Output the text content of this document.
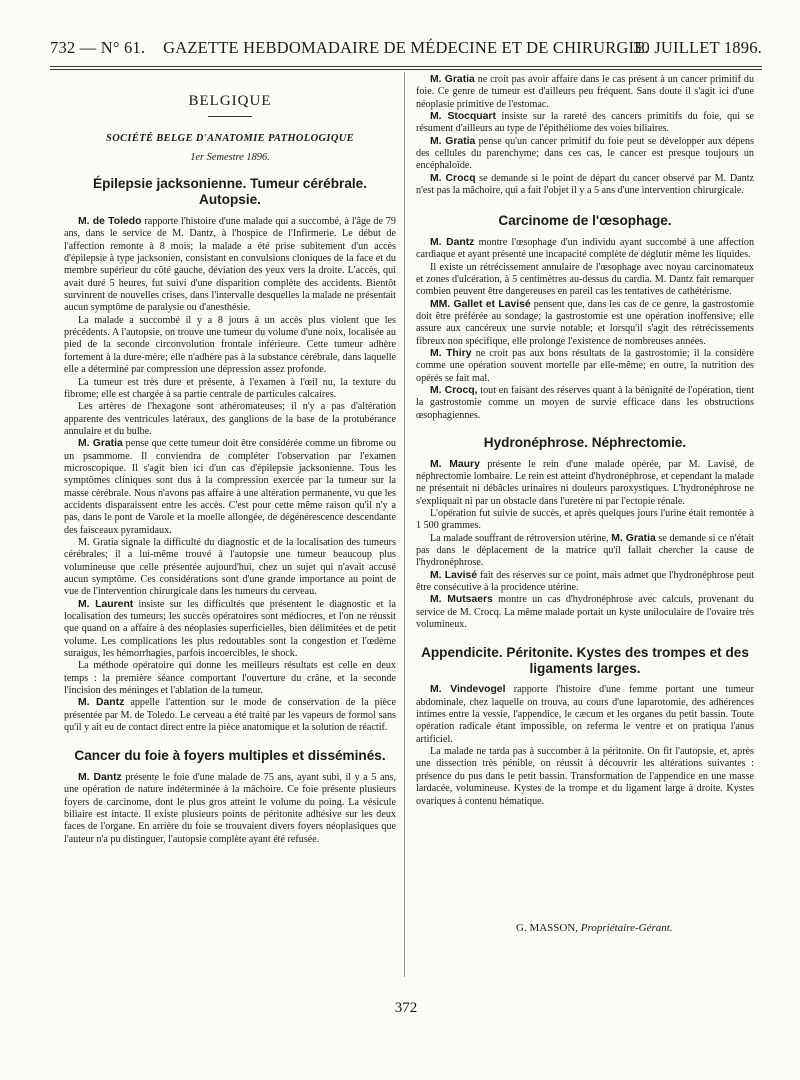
732 — N° 61.	GAZETTE HEBDOMADAIRE DE MÉDECINE ET DE CHIRURGIE.
30 JUILLET 1896.
BELGIQUE
SOCIÉTÉ BELGE D'ANATOMIE PATHOLOGIQUE
1er Semestre 1896.
Épilepsie jacksonienne. Tumeur cérébrale. Autopsie.

M. de Toledo rapporte l'histoire d'une malade qui a succombé, à l'âge de 79 ans, dans le service de M. Dantz, à l'hospice de l'Infirmerie. Le début de l'affection remonte à 8 mois; la malade a été prise subitement d'un accès d'épilepsie à type jacksonien, consistant en convulsions cloniques de la face et du membre supérieur du côté gauche, déviation des yeux vers la droite. L'accès, qui avait duré 5 heures, fut suivi d'une disparition complète des accidents. Bientôt survinrent de nouvelles crises, dans l'intervalle desquelles la malade ne présentait aucun symptôme de paralysie ou d'anesthésie.

La malade a succombé il y a 8 jours à un accès plus violent que les précédents. A l'autopsie, on trouve une tumeur du volume d'une noix, localisée au pied de la seconde circonvolution frontale inférieure. Cette tumeur adhère fortement à la dure-mère; elle n'adhère pas à la substance cérébrale, dans laquelle elle a déterminé par compression une dépression assez profonde.

La tumeur est très dure et présente, à l'examen à l'œil nu, la texture du fibrome; elle est chargée à sa partie centrale de particules calcaires.

Les artères de l'hexagone sont athéromateuses; il n'y a pas d'altération apparente des ventricules latéraux, des ganglions de la base de la protubérance annulaire et du bulbe.

M. Gratia pense que cette tumeur doit être considérée comme un fibrome ou un psammome. Il conviendra de compléter l'observation par l'examen microscopique. Il s'agit bien ici d'un cas d'épilepsie jacksonienne. Tous les symptômes cliniques sont dus à la compression exercée par la tumeur sur la masse cérébrale. Nous n'avons pas affaire à une altération permanente, vu que les accidents disparaissent entre les accès. C'est pour cette même raison qu'il n'y a pas, dans le pont de Varole et la moelle allongée, de dégénérescence descendante des faisceaux pyramidaux.

M. Gratia signale la difficulté du diagnostic et de la localisation des tumeurs cérébrales; il a lui-même trouvé à l'autopsie une tumeur beaucoup plus volumineuse que celle présentée aujourd'hui, chez un sujet qui n'avait accusé aucun symptôme. Ces considérations sont d'une grande importance au point de vue de l'intervention chirurgicale dans les tumeurs du cerveau.

M. Laurent insiste sur les difficultés que présentent le diagnostic et la localisation des tumeurs; les succès opératoires sont médiocres, et l'on ne réussit que quand on a affaire à des néoplasies superficielles, bien délimitées et de petit volume. Les complications les plus redoutables sont la congestion et l'œdème suraigus, les hémorrhagies, parfois incoercibles, le shock.

La méthode opératoire qui donne les meilleurs résultats est celle en deux temps : la première séance comportant l'ouverture du crâne, et la seconde l'incision des méninges et l'ablation de la tumeur.

M. Dantz appelle l'attention sur le mode de conservation de la pièce présentée par M. de Toledo. Le cerveau a été traité par les vapeurs de formol sans qu'il y ait eu de contact direct entre la pièce anatomique et la solution de réactif.

Cancer du foie à foyers multiples et disséminés.

M. Dantz présente le foie d'une malade de 75 ans, ayant subi, il y a 5 ans, une opération de nature indéterminée à la mâchoire. Ce foie présente plusieurs foyers de carcinome, dont le plus gros atteint le volume du poing. La vésicule biliaire est intacte. Il existe plusieurs points de péritonite adhésive sur les deux faces de l'organe. En arrière du foie se trouvaient divers foyers néoplasiques que l'auteur n'a pu distinguer, l'autopsie complète ayant été refusée.

M. Gratia ne croit pas avoir affaire dans le cas présent à un cancer primitif du foie. Ce genre de tumeur est d'ailleurs peu fréquent. Sans doute il s'agit ici d'une néoplasie primitive de l'estomac.

M. Stocquart insiste sur la rareté des cancers primitifs du foie, qui se résument d'ailleurs au type de l'épithéliome des voies biliaires.

M. Gratia pense qu'un cancer primitif du foie peut se développer aux dépens des cellules du parenchyme; dans ces cas, le cancer est presque toujours un encéphaloïde.

M. Crocq se demande si le point de départ du cancer observé par M. Dantz n'est pas la mâchoire, qui a fait l'objet il y a 5 ans d'une intervention chirurgicale.

Carcinome de l'œsophage.

M. Dantz montre l'œsophage d'un individu ayant succombé à une affection cardiaque et ayant présenté une incapacité complète de déglutir même les liquides.

Il existe un rétrécissement annulaire de l'œsophage avec noyau carcinomateux et zones d'ulcération, à 5 centimètres au-dessus du cardia. M. Dantz fait remarquer combien peuvent être dangereuses en pareil cas les tentatives de cathétérisme.

MM. Gallet et Lavisé pensent que, dans les cas de ce genre, la gastrostomie doit être préférée au sondage; la gastrostomie est une opération inoffensive; elle assure aux cancéreux une survie notable; et lorsqu'il s'agit des rétrécissements fibreux non spécifique, elle prolonge l'existence de nombreuses années.

M. Thiry ne croit pas aux bons résultats de la gastrostomie; il la considère comme une opération souvent mortelle par elle-même; en outre, la nutrition des opérés se fait mal.

M. Crocq, tout en faisant des réserves quant à la bénignité de l'opération, tient la gastrostomie comme un moyen de survie efficace dans les obstructions œsophagiennes.

Hydronéphrose. Néphrectomie.

M. Maury présente le rein d'une malade opérée, par M. Lavisé, de néphrectomie lombaire. Le rein est atteint d'hydronéphrose, et cependant la malade ne présentait ni débâcles urinaires ni douleurs paroxystiques. L'hydronéphrose ne s'expliquait ni par un obstacle dans l'uretère ni par l'ectopie rénale.

L'opération fut suivie de succès, et après quelques jours l'urine était remontée à 1 500 grammes.

La malade souffrant de rétroversion utérine, M. Gratia se demande si ce n'était pas dans le déplacement de la matrice qu'il fallait chercher la cause de l'hydronéphrose.

M. Lavisé fait des réserves sur ce point, mais admet que l'hydronéphrose peut être consécutive à la procidence utérine.

M. Mutsaers montre un cas d'hydronéphrose avec calculs, provenant du service de M. Crocq. La même malade portait un kyste uniloculaire de l'ovaire très volumineux.

Appendicite. Péritonite. Kystes des trompes et des ligaments larges.

M. Vindevogel rapporte l'histoire d'une femme portant une tumeur abdominale, chez laquelle on trouva, au cours d'une laparotomie, des adhérences intimes entre la vessie, l'appendice, le cæcum et les organes du petit bassin. Toute opération radicale étant impossible, on referma le ventre et on pratiqua l'anus artificiel.

La malade ne tarda pas à succomber à la péritonite. On fit l'autopsie, et, après une dissection très pénible, on réussit à découvrir les altérations suivantes : présence du pus dans le petit bassin. Transformation de l'appendice en une masse lardacée, volumineuse. Kystes de la trompe et du ligament large à droite. Kystes ovariques à contenu hématique.

G. MASSON, Propriétaire-Gérant.
372
